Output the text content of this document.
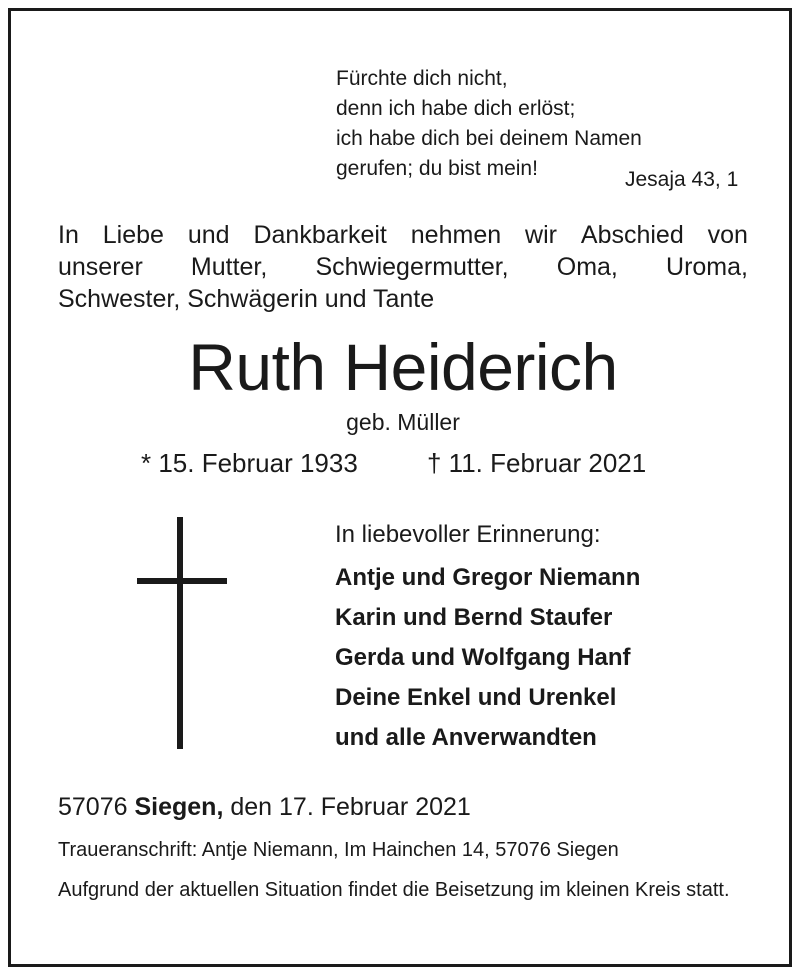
Fürchte dich nicht,
denn ich habe dich erlöst;
ich habe dich bei deinem Namen
gerufen; du bist mein!	Jesaja 43, 1
In Liebe und Dankbarkeit nehmen wir Abschied von
unserer Mutter, Schwiegermutter, Oma, Uroma,
Schwester, Schwägerin und Tante
Ruth Heiderich
geb. Müller
* 15. Februar 1933	† 11. Februar 2021
In liebevoller Erinnerung:
Antje und Gregor Niemann
Karin und Bernd Staufer
Gerda und Wolfgang Hanf
Deine Enkel und Urenkel
und alle Anverwandten
57076 Siegen, den 17. Februar 2021
Traueranschrift: Antje Niemann, Im Hainchen 14, 57076 Siegen
Aufgrund der aktuellen Situation findet die Beisetzung im kleinen Kreis statt.
